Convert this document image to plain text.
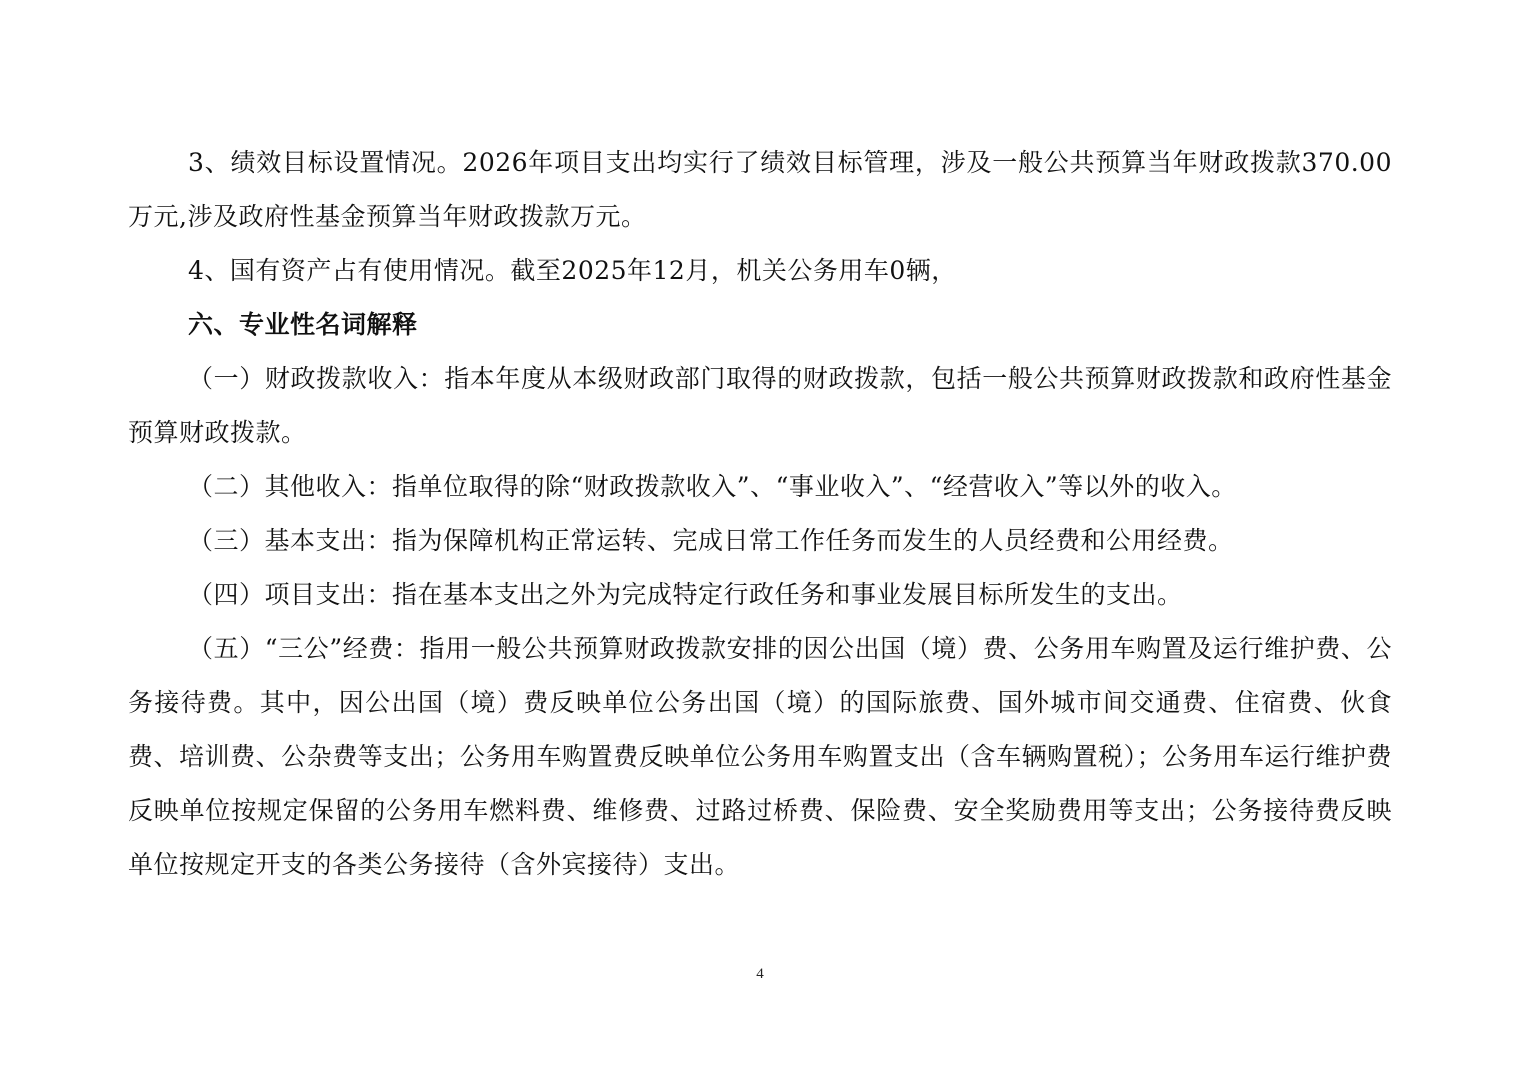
3、绩效目标设置情况。2026年项目支出均实行了绩效目标管理，涉及一般公共预算当年财政拨款370.00万元,涉及政府性基金预算当年财政拨款万元。

4、国有资产占有使用情况。截至2025年12月，机关公务用车0辆，

六、专业性名词解释

（一）财政拨款收入：指本年度从本级财政部门取得的财政拨款，包括一般公共预算财政拨款和政府性基金预算财政拨款。

（二）其他收入：指单位取得的除“财政拨款收入”、“事业收入”、“经营收入”等以外的收入。

（三）基本支出：指为保障机构正常运转、完成日常工作任务而发生的人员经费和公用经费。

（四）项目支出：指在基本支出之外为完成特定行政任务和事业发展目标所发生的支出。

（五）“三公”经费：指用一般公共预算财政拨款安排的因公出国（境）费、公务用车购置及运行维护费、公务接待费。其中，因公出国（境）费反映单位公务出国（境）的国际旅费、国外城市间交通费、住宿费、伙食费、培训费、公杂费等支出；公务用车购置费反映单位公务用车购置支出（含车辆购置税）；公务用车运行维护费反映单位按规定保留的公务用车燃料费、维修费、过路过桥费、保险费、安全奖励费用等支出；公务接待费反映单位按规定开支的各类公务接待（含外宾接待）支出。

4
